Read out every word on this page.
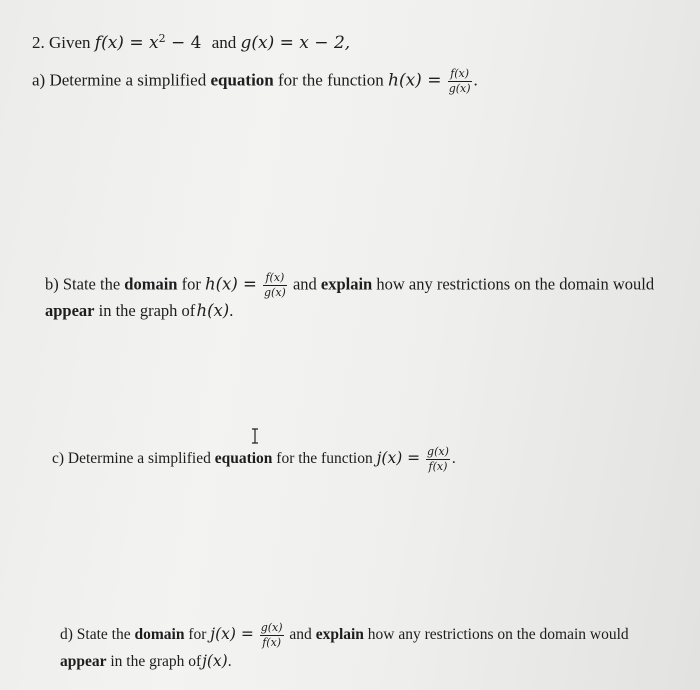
2. Given $f(x) = x^2 - 4$ and g(x) = x − 2,
a) Determine a simplified equation for the function $h(x) = \frac{f(x)}{g(x)}$ .
b) State the domain for $h(x) = \frac{f(x)}{g(x)}$ and explain how any restrictions on the domain would
appear in the graph of h(x).
c) Determine a simplified equation for the function $j(x) = \frac{g(x)}{f(x)}$ .
d) State the domain for $j(x) = \frac{g(x)}{f(x)}$ and explain how any restrictions on the domain would
appear in the graph of j(x).
